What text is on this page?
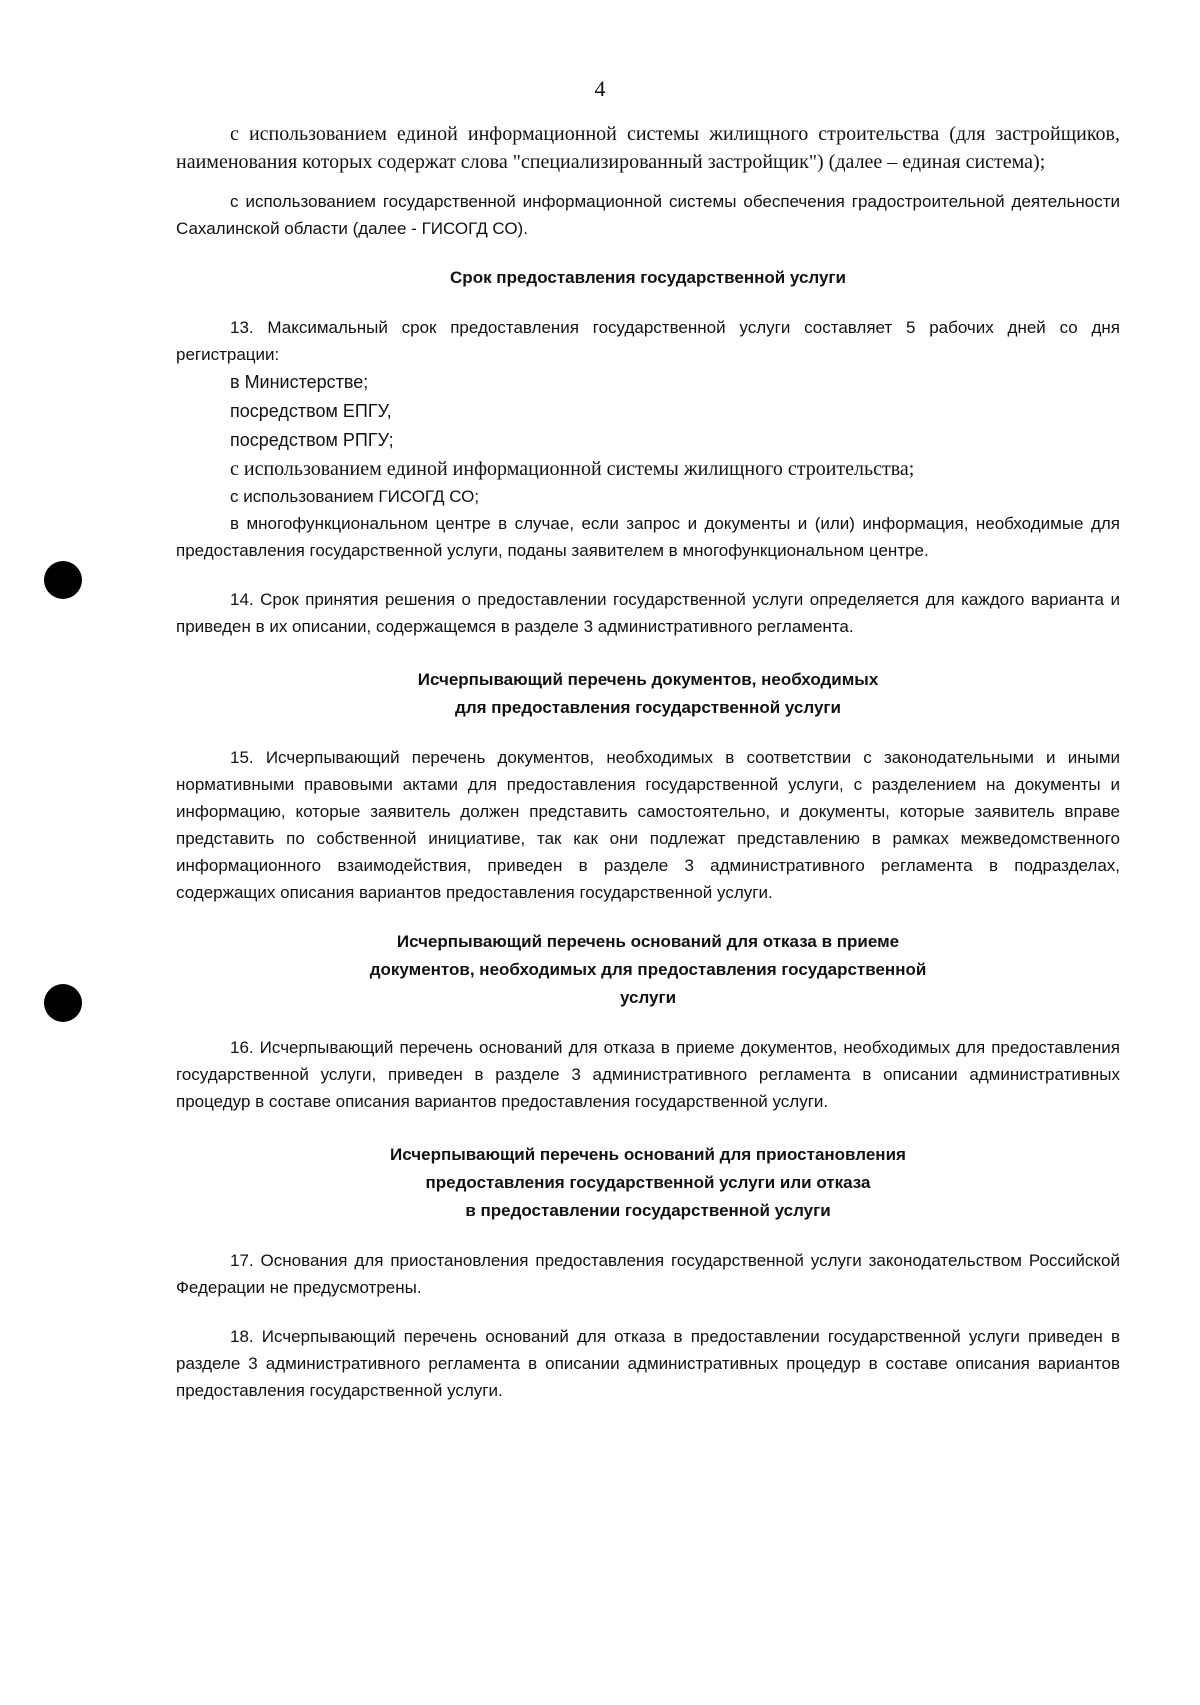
4

с использованием единой информационной системы жилищного строительства (для застройщиков, наименования которых содержат слова "специализированный застройщик") (далее – единая система);

с использованием государственной информационной системы обеспечения градостроительной деятельности Сахалинской области (далее - ГИСОГД СО).

Срок предоставления государственной услуги

13. Максимальный срок предоставления государственной услуги составляет 5 рабочих дней со дня регистрации:

в Министерстве;

посредством ЕПГУ,

посредством РПГУ;

с использованием единой информационной системы жилищного строительства;

с использованием ГИСОГД СО;

в многофункциональном центре в случае, если запрос и документы и (или) информация, необходимые для предоставления государственной услуги, поданы заявителем в многофункциональном центре.

14. Срок принятия решения о предоставлении государственной услуги определяется для каждого варианта и приведен в их описании, содержащемся в разделе 3 административного регламента.

Исчерпывающий перечень документов, необходимых

для предоставления государственной услуги

15. Исчерпывающий перечень документов, необходимых в соответствии с законодательными и иными нормативными правовыми актами для предоставления государственной услуги, с разделением на документы и информацию, которые заявитель должен представить самостоятельно, и документы, которые заявитель вправе представить по собственной инициативе, так как они подлежат представлению в рамках межведомственного информационного взаимодействия, приведен в разделе 3 административного регламента в подразделах, содержащих описания вариантов предоставления государственной услуги.

Исчерпывающий перечень оснований для отказа в приеме

документов, необходимых для предоставления государственной

услуги

16. Исчерпывающий перечень оснований для отказа в приеме документов, необходимых для предоставления государственной услуги, приведен в разделе 3 административного регламента в описании административных процедур в составе описания вариантов предоставления государственной услуги.

Исчерпывающий перечень оснований для приостановления

предоставления государственной услуги или отказа

в предоставлении государственной услуги

17. Основания для приостановления предоставления государственной услуги законодательством Российской Федерации не предусмотрены.

18. Исчерпывающий перечень оснований для отказа в предоставлении государственной услуги приведен в разделе 3 административного регламента в описании административных процедур в составе описания вариантов предоставления государственной услуги.
